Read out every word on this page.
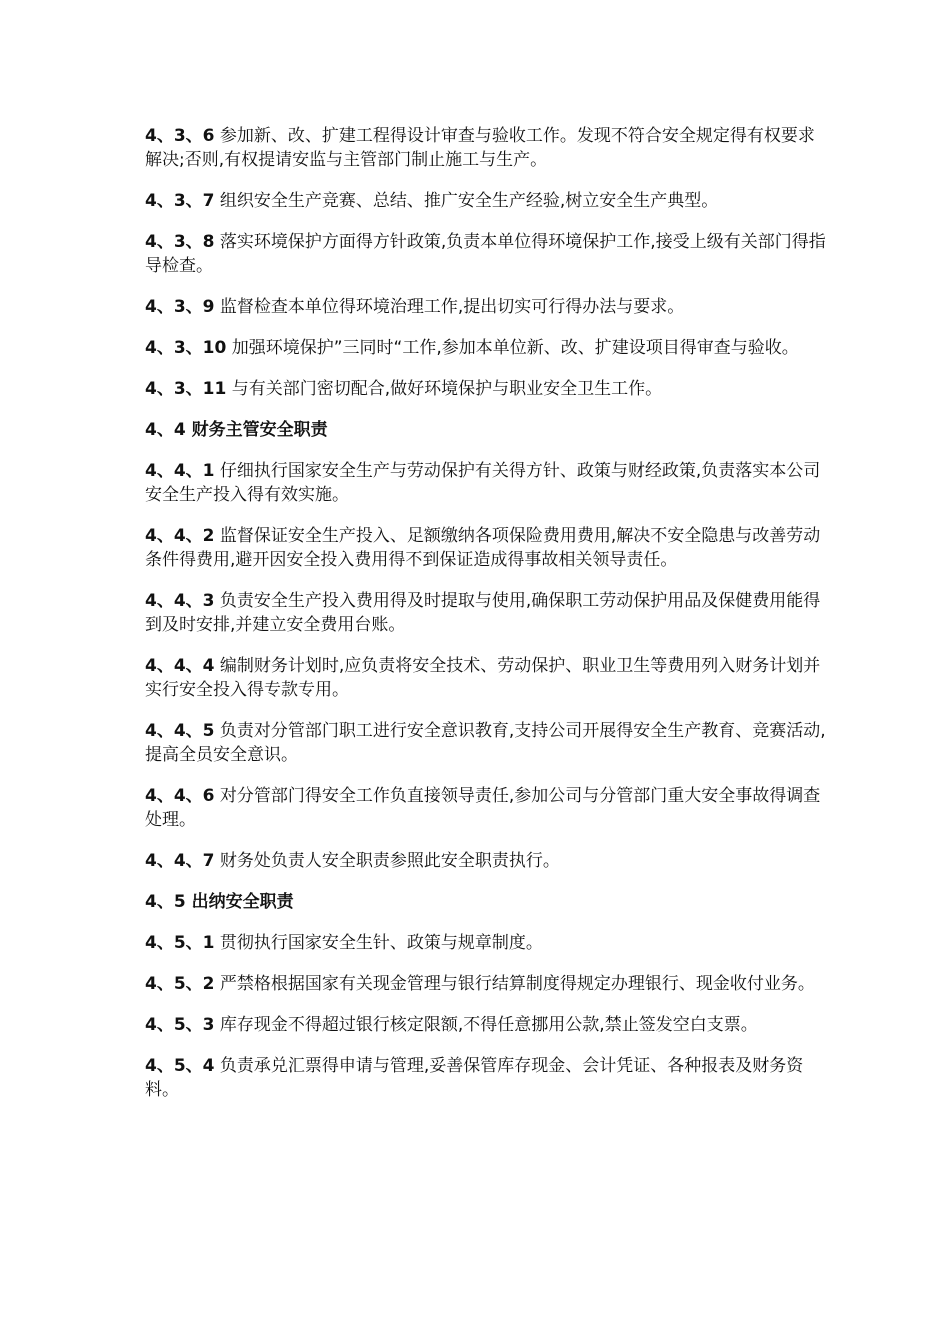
4、3、6 参加新、改、扩建工程得设计审查与验收工作。发现不符合安全规定得有权要求解决;否则,有权提请安监与主管部门制止施工与生产。

4、3、7 组织安全生产竞赛、总结、推广安全生产经验,树立安全生产典型。

4、3、8 落实环境保护方面得方针政策,负责本单位得环境保护工作,接受上级有关部门得指导检查。

4、3、9 监督检查本单位得环境治理工作,提出切实可行得办法与要求。

4、3、10 加强环境保护”三同时“工作,参加本单位新、改、扩建设项目得审查与验收。

4、3、11 与有关部门密切配合,做好环境保护与职业安全卫生工作。

4、4 财务主管安全职责

4、4、1 仔细执行国家安全生产与劳动保护有关得方针、政策与财经政策,负责落实本公司安全生产投入得有效实施。

4、4、2 监督保证安全生产投入、足额缴纳各项保险费用费用,解决不安全隐患与改善劳动条件得费用,避开因安全投入费用得不到保证造成得事故相关领导责任。

4、4、3 负责安全生产投入费用得及时提取与使用,确保职工劳动保护用品及保健费用能得到及时安排,并建立安全费用台账。

4、4、4 编制财务计划时,应负责将安全技术、劳动保护、职业卫生等费用列入财务计划并实行安全投入得专款专用。

4、4、5 负责对分管部门职工进行安全意识教育,支持公司开展得安全生产教育、竞赛活动,提高全员安全意识。

4、4、6 对分管部门得安全工作负直接领导责任,参加公司与分管部门重大安全事故得调查处理。

4、4、7 财务处负责人安全职责参照此安全职责执行。

4、5 出纳安全职责

4、5、1 贯彻执行国家安全生针、政策与规章制度。

4、5、2 严禁格根据国家有关现金管理与银行结算制度得规定办理银行、现金收付业务。

4、5、3 库存现金不得超过银行核定限额,不得任意挪用公款,禁止签发空白支票。

4、5、4 负责承兑汇票得申请与管理,妥善保管库存现金、会计凭证、各种报表及财务资料。
